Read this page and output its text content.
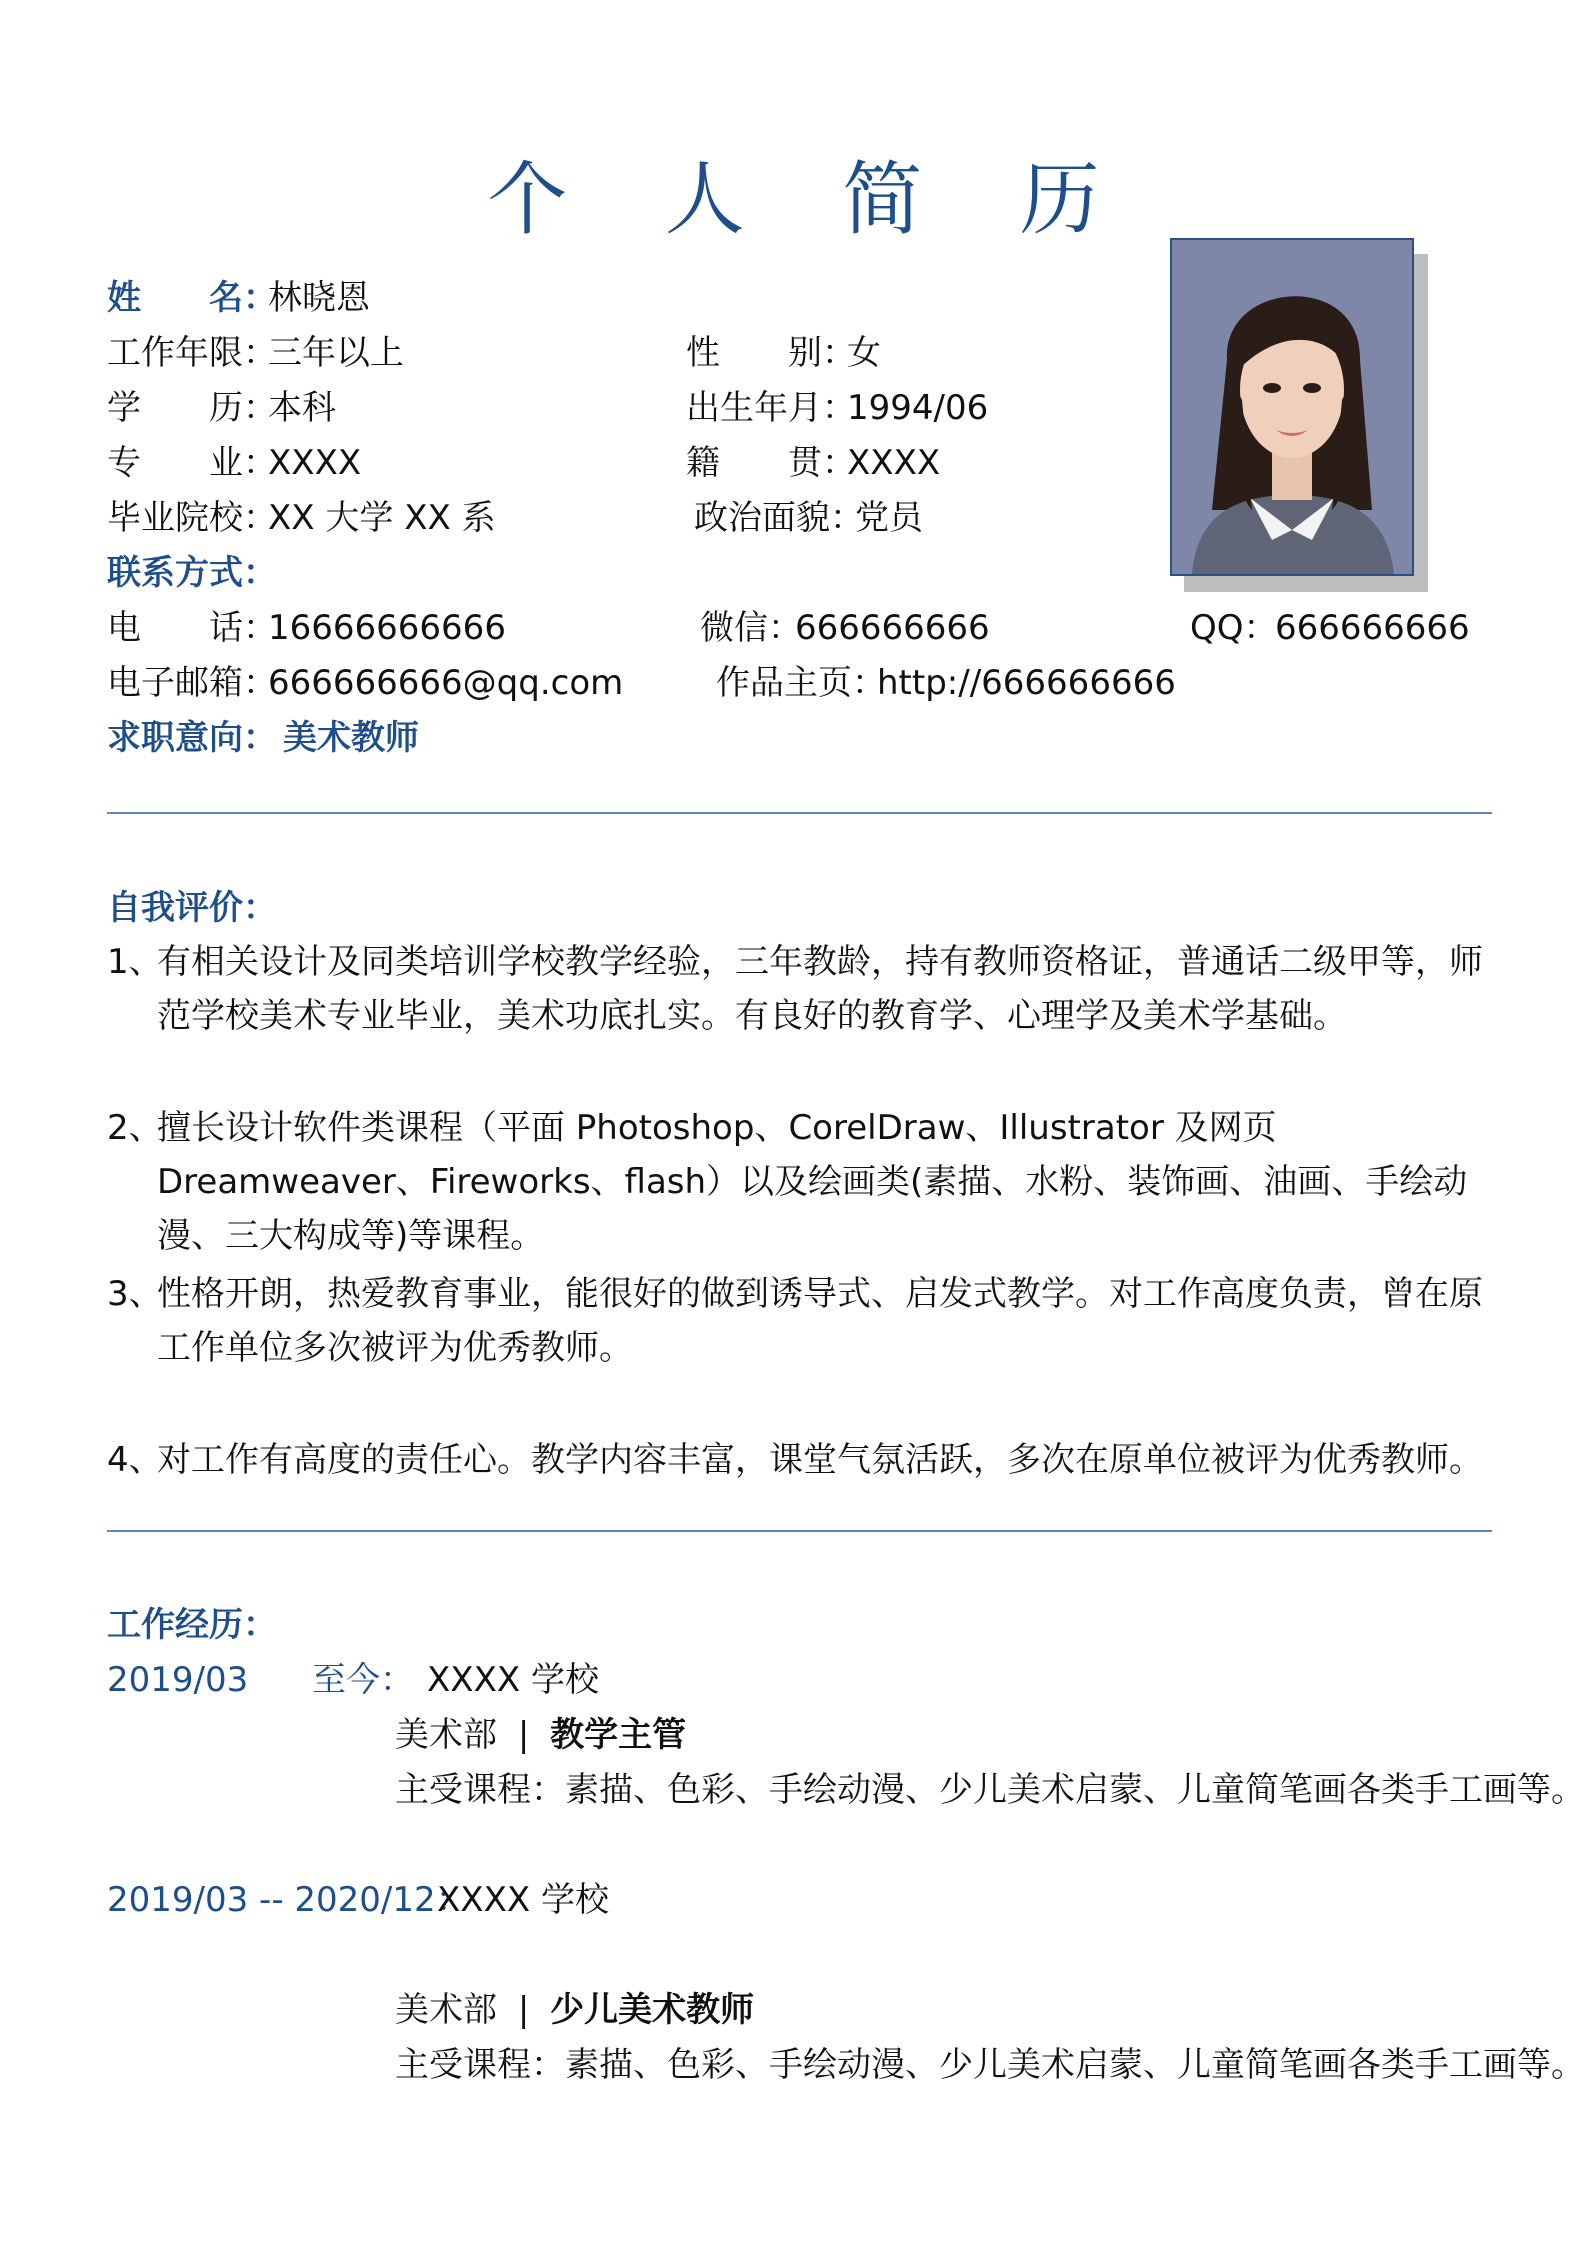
个 人 简 历
姓　　名：
林晓恩
工作年限：
三年以上	性　　别：
女
学　　历：
本科	出生年月：
1994/06
专　　业：
XXXX	籍　　贯：
XXXX
毕业院校：
XX 大学 XX 系	政治面貌：
党员
联系方式：
电　　话：
16666666666	微信：
666666666	QQ：
666666666
电子邮箱：
666666666@qq.com	作品主页：
http://666666666
求职意向： 美术教师
自我评价：
1、
有相关设计及同类培训学校教学经验，三年教龄，持有教师资格证，普通话二级甲等，师范学校美术专业毕业，美术功底扎实。有良好的教育学、心理学及美术学基础。
2、
擅长设计软件类课程（平面 Photoshop、CorelDraw、Illustrator 及网页 Dreamweaver、Fireworks、flash）以及绘画类(素描、水粉、装饰画、油画、手绘动漫、三大构成等)等课程。
3、
性格开朗，热爱教育事业，能很好的做到诱导式、启发式教学。对工作高度负责，曾在原工作单位多次被评为优秀教师。
4、
对工作有高度的责任心。教学内容丰富，课堂气氛活跃，多次在原单位被评为优秀教师。
工作经历：
2019/03 至今： XXXX 学校
美术部 | 教学主管
主受课程：素描、色彩、手绘动漫、少儿美术启蒙、儿童简笔画各类手工画等。
2019/03 -- 2020/12：
XXXX 学校
美术部 | 少儿美术教师
主受课程：素描、色彩、手绘动漫、少儿美术启蒙、儿童简笔画各类手工画等。
